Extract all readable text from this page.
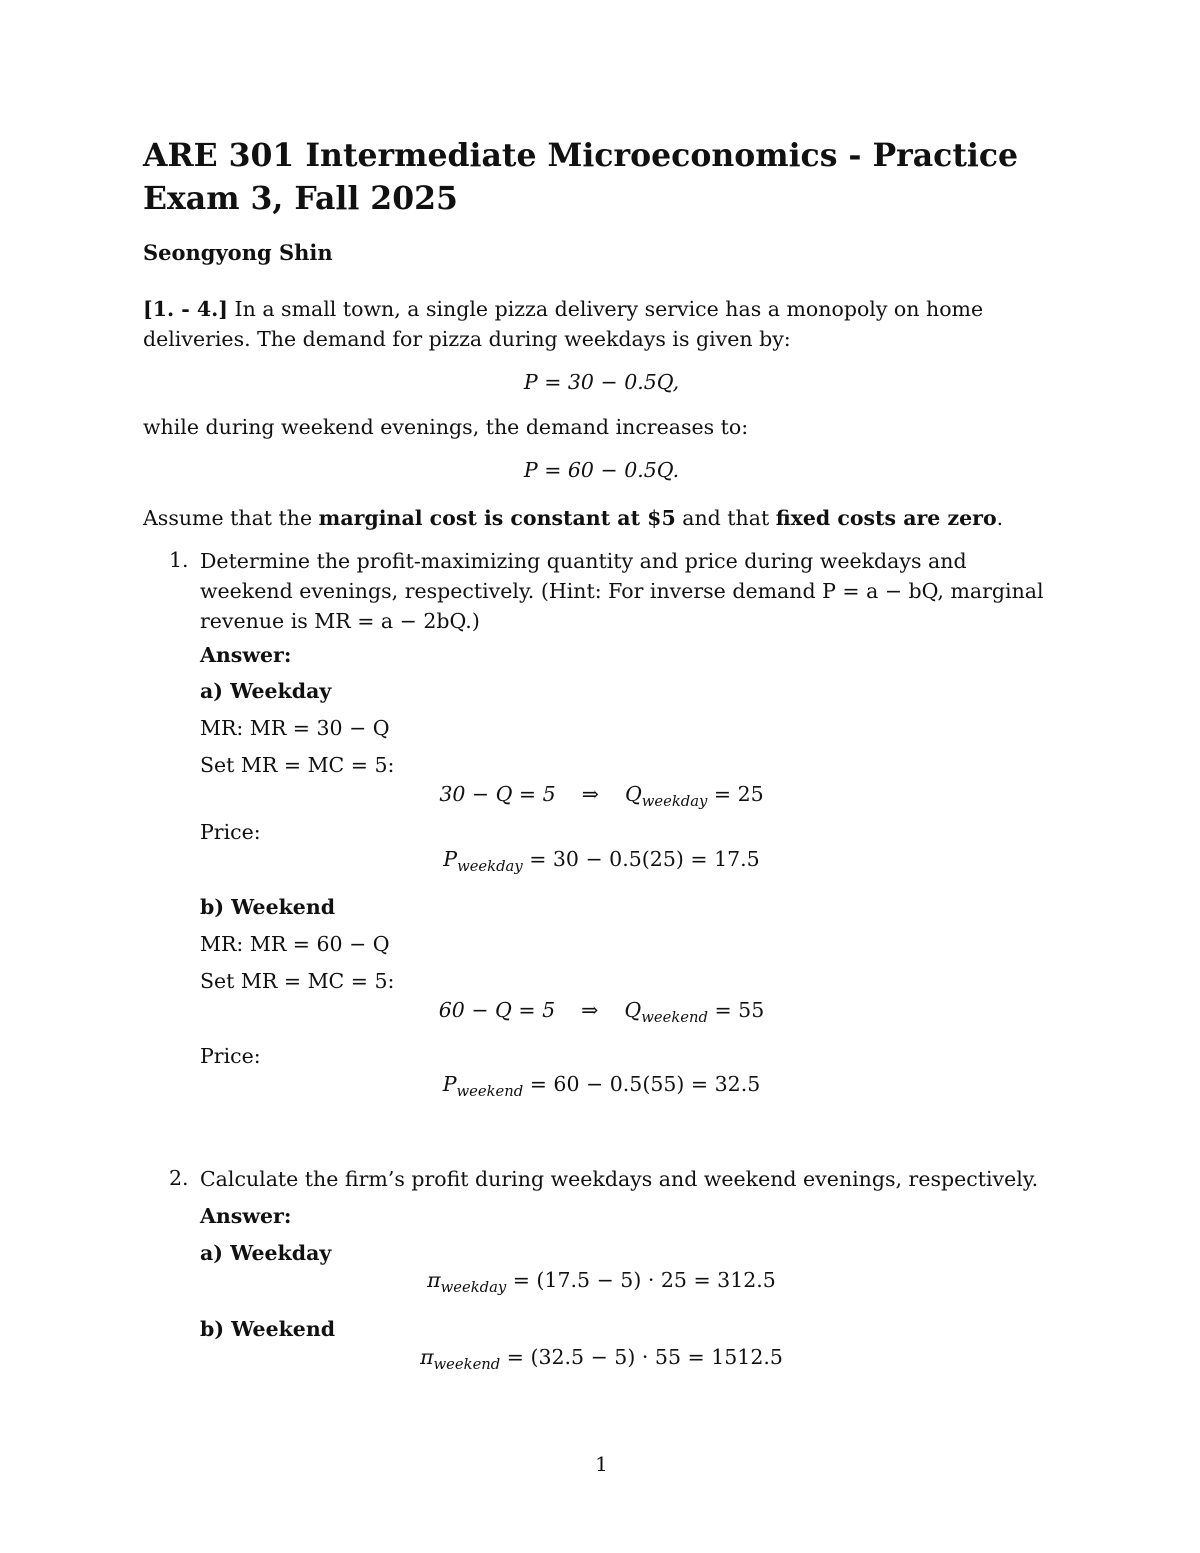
ARE 301 Intermediate Microeconomics - Practice Exam 3, Fall 2025

Seongyong Shin

[1. - 4.] In a small town, a single pizza delivery service has a monopoly on home deliveries. The demand for pizza during weekdays is given by:

P = 30 − 0.5Q,

while during weekend evenings, the demand increases to:

P = 60 − 0.5Q.

Assume that the marginal cost is constant at $5 and that fixed costs are zero.

1. Determine the profit-maximizing quantity and price during weekdays and weekend evenings, respectively. (Hint: For inverse demand P = a − bQ, marginal revenue is MR = a − 2bQ.)

Answer:

a) Weekday

MR: MR = 30 − Q

Set MR = MC = 5:

30 − Q = 5    ⇒    $Q_{weekday} = 25$

Price:

$P_{weekday} = 30 - 0.5(25) = 17.5$

b) Weekend

MR: MR = 60 − Q

Set MR = MC = 5:

60 − Q = 5    ⇒    $Q_{weekend} = 55$

Price:

$P_{weekend} = 60 - 0.5(55) = 32.5$
2. Calculate the firm’s profit during weekdays and weekend evenings, respectively.

Answer:

a) Weekday

$\pi_{weekday} = (17.5 - 5) \cdot 25 = 312.5$

b) Weekend

$\pi_{weekend} = (32.5 - 5) \cdot 55 = 1512.5$
1
